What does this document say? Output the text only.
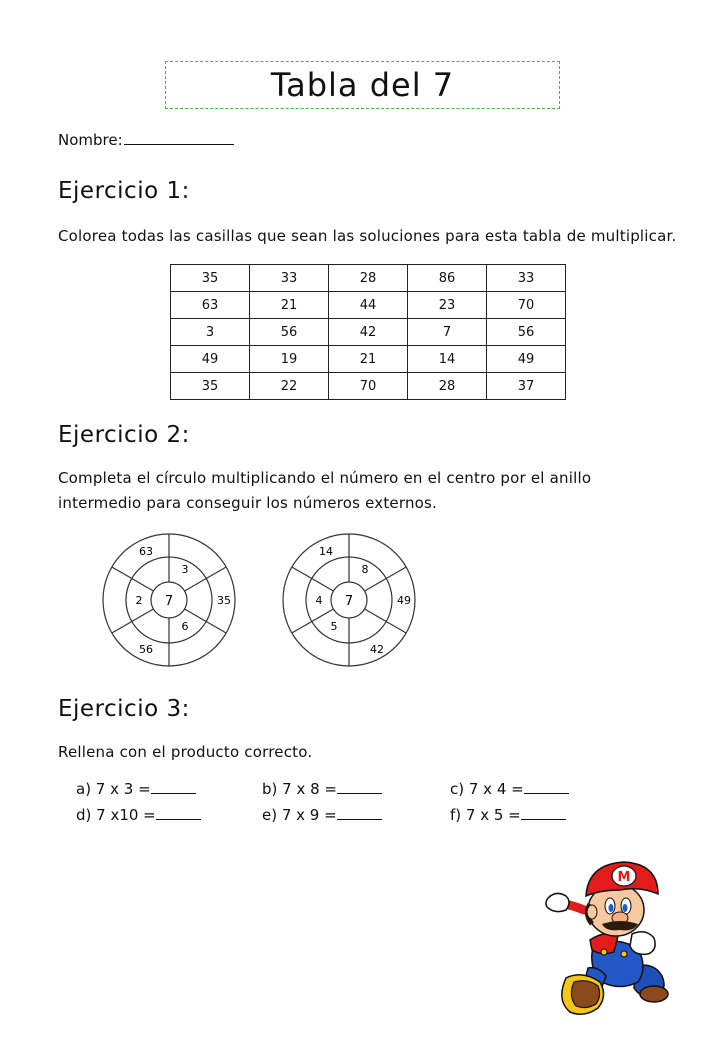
Tabla del 7
Nombre:
Ejercicio 1:
Colorea todas las casillas que sean las soluciones para esta tabla de multiplicar.
35	33	28	86	33
63	21	44	23	70
3	56	42	7	56
49	19	21	14	49
35	22	70	28	37
Ejercicio 2:
Completa el círculo multiplicando el número en el centro por el anillo
intermedio para conseguir los números externos.
7
3
6
2
63
35
56
7
8
5
4
14
49
42
Ejercicio 3:
Rellena con el producto correcto.
a) 7 x 3 =	b) 7 x 8 =	c) 7 x 4 =
d) 7 x10 =	e) 7 x 9 =	f) 7 x 5 =
M
